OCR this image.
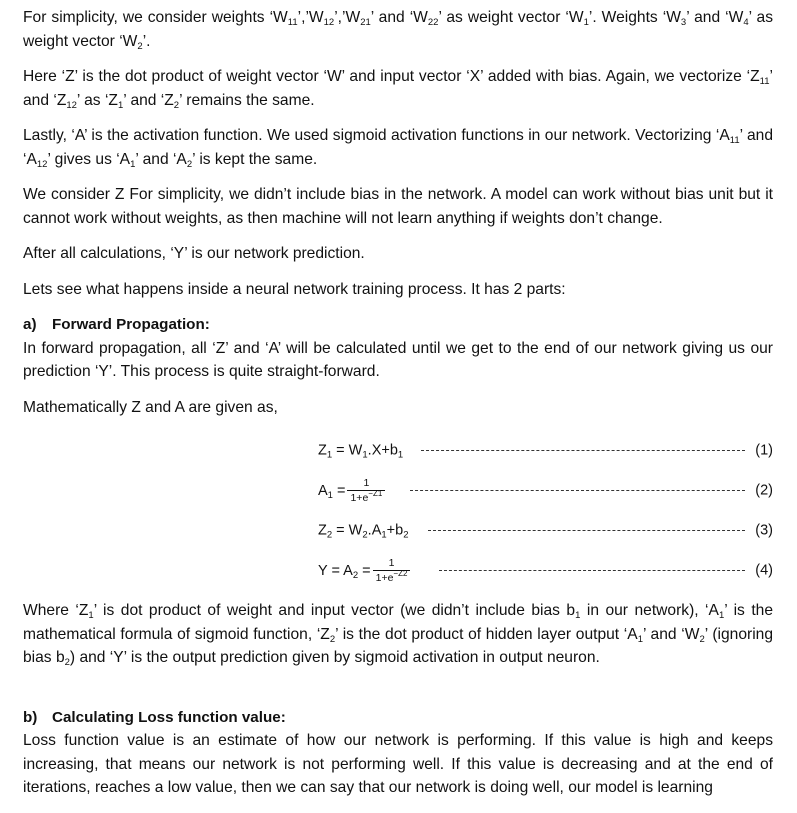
For simplicity, we consider weights ‘$W_{11}’,’W_{12}’,’W_{21}$’ and ‘$W_{22}$’ as weight vector ‘$W_1$’. Weights ‘$W_3$’ and ‘$W_4$’ as weight vector ‘$W_2$’.

Here ‘Z’ is the dot product of weight vector ‘W’ and input vector ‘X’ added with bias. Again, we vectorize ‘$Z_{11}$’ and ‘$Z_{12}$’ as ‘$Z_1$’ and ‘$Z_2$’ remains the same.

Lastly, ‘A’ is the activation function. We used sigmoid activation functions in our network. Vectorizing ‘$A_{11}$’ and ‘$A_{12}$’ gives us ‘$A_1$’ and ‘$A_2$’ is kept the same.

We consider Z For simplicity, we didn’t include bias in the network. A model can work without bias unit but it cannot work without weights, as then machine will not learn anything if weights don’t change.

After all calculations, ‘Y’ is our network prediction.

Lets see what happens inside a neural network training process. It has 2 parts:

a) Forward Propagation:

In forward propagation, all ‘Z’ and ‘A’ will be calculated until we get to the end of our network giving us our prediction ‘Y’. This process is quite straight-forward.

Mathematically Z and A are given as,

$Z_1 = W_1.X+b_1$	(1)
$A_1 = \frac{1}{1+e^{-Z1}}$	(2)
$Z_2 = W_2.A_1+b_2$	(3)
$Y = A_2 = \frac{1}{1+e^{-Z2}}$	(4)

Where ‘$Z_1$’ is dot product of weight and input vector (we didn’t include bias $b_1$ in our network), ‘$A_1$’ is the mathematical formula of sigmoid function, ‘$Z_2$’ is the dot product of hidden layer output ‘$A_1$’ and ‘$W_2$’ (ignoring bias $b_2$) and ‘Y’ is the output prediction given by sigmoid activation in output neuron.

b) Calculating Loss function value:

Loss function value is an estimate of how our network is performing. If this value is high and keeps increasing, that means our network is not performing well. If this value is decreasing and at the end of iterations, reaches a low value, then we can say that our network is doing well, our model is learning
